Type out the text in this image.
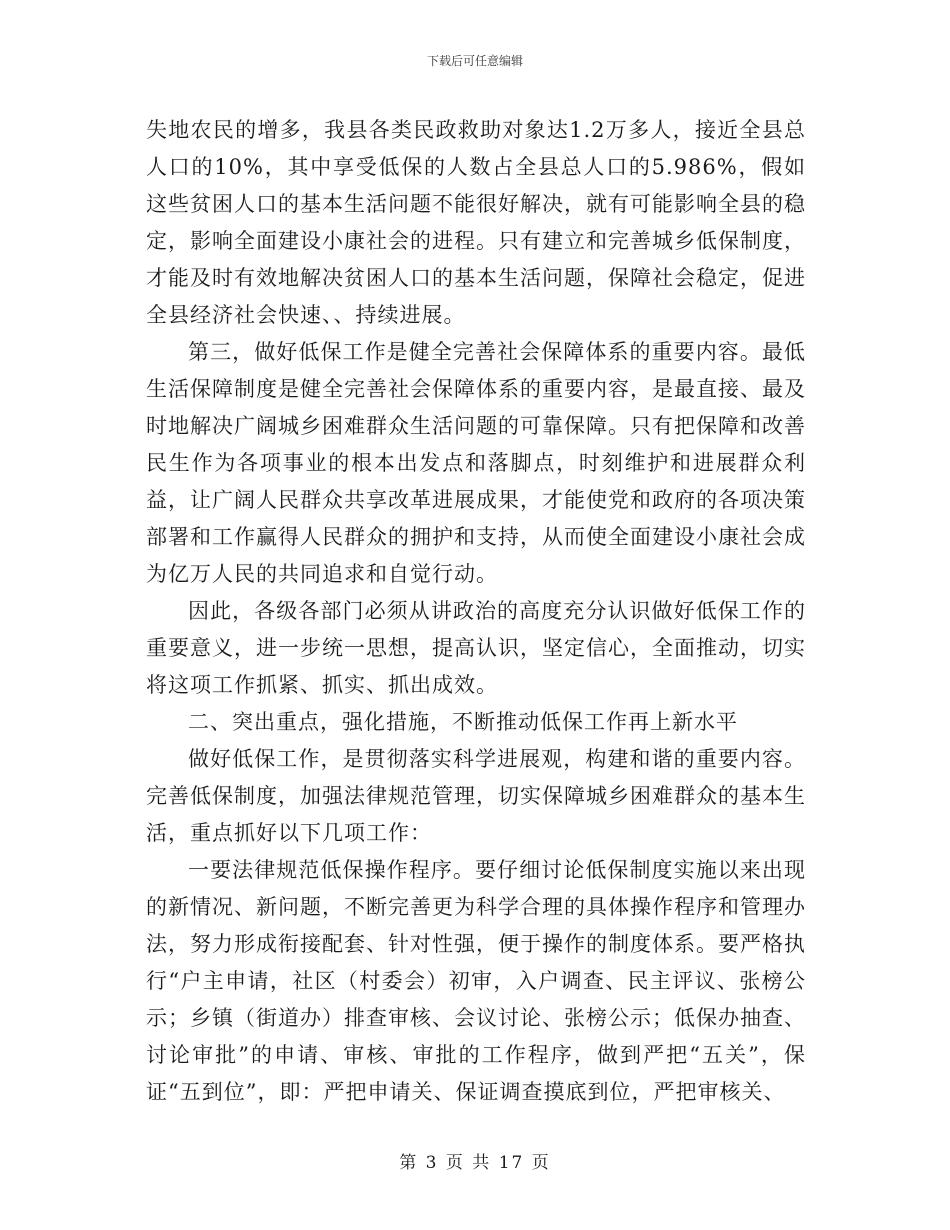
下载后可任意编辑

失地农民的增多，我县各类民政救助对象达1.2万多人，接近全县总人口的10%，其中享受低保的人数占全县总人口的5.986%，假如这些贫困人口的基本生活问题不能很好解决，就有可能影响全县的稳定，影响全面建设小康社会的进程。只有建立和完善城乡低保制度，才能及时有效地解决贫困人口的基本生活问题，保障社会稳定，促进全县经济社会快速、、持续进展。

第三，做好低保工作是健全完善社会保障体系的重要内容。最低生活保障制度是健全完善社会保障体系的重要内容，是最直接、最及时地解决广阔城乡困难群众生活问题的可靠保障。只有把保障和改善民生作为各项事业的根本出发点和落脚点，时刻维护和进展群众利益，让广阔人民群众共享改革进展成果，才能使党和政府的各项决策部署和工作赢得人民群众的拥护和支持，从而使全面建设小康社会成为亿万人民的共同追求和自觉行动。

因此，各级各部门必须从讲政治的高度充分认识做好低保工作的重要意义，进一步统一思想，提高认识，坚定信心，全面推动，切实将这项工作抓紧、抓实、抓出成效。

二、突出重点，强化措施，不断推动低保工作再上新水平

做好低保工作，是贯彻落实科学进展观，构建和谐的重要内容。完善低保制度，加强法律规范管理，切实保障城乡困难群众的基本生活，重点抓好以下几项工作：

一要法律规范低保操作程序。要仔细讨论低保制度实施以来出现的新情况、新问题，不断完善更为科学合理的具体操作程序和管理办法，努力形成衔接配套、针对性强，便于操作的制度体系。要严格执行“户主申请，社区（村委会）初审，入户调查、民主评议、张榜公示；乡镇（街道办）排查审核、会议讨论、张榜公示；低保办抽查、讨论审批”的申请、审核、审批的工作程序，做到严把“五关”，保证“五到位”，即：严把申请关、保证调查摸底到位，严把审核关、

第 3 页 共 17 页
